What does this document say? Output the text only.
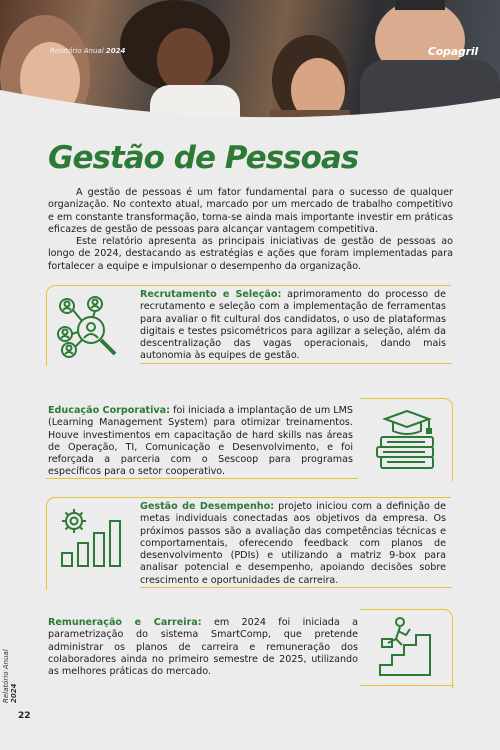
Relatório Anual 2024	Copagril
Gestão de Pessoas

A gestão de pessoas é um fator fundamental para o sucesso de qualquer organização. No contexto atual, marcado por um mercado de trabalho competitivo e em constante transformação, torna-se ainda mais importante investir em práticas eficazes de gestão de pessoas para alcançar vantagem competitiva.

Este relatório apresenta as principais iniciativas de gestão de pessoas ao longo de 2024, destacando as estratégias e ações que foram implementadas para fortalecer a equipe e impulsionar o desempenho da organização.

Recrutamento e Seleção: aprimoramento do processo de recrutamento e seleção com a implementação de ferramentas para avaliar o fit cultural dos candidatos, o uso de plataformas digitais e testes psicométricos para agilizar a seleção, além da descentralização das vagas operacionais, dando mais autonomia às equipes de gestão.
Educação Corporativa: foi iniciada a implantação de um LMS (Learning Management System) para otimizar treinamentos. Houve investimentos em capacitação de hard skills nas áreas de Operação, TI, Comunicação e Desenvolvimento, e foi reforçada a parceria com o Sescoop para programas específicos para o setor cooperativo.
Gestão de Desempenho: projeto iniciou com a definição de metas individuais conectadas aos objetivos da empresa. Os próximos passos são a avaliação das competências técnicas e comportamentais, oferecendo feedback com planos de desenvolvimento (PDIs) e utilizando a matriz 9-box para analisar potencial e desempenho, apoiando decisões sobre crescimento e oportunidades de carreira.
Remuneração e Carreira: em 2024 foi iniciada a parametrização do sistema SmartComp, que pretende administrar os planos de carreira e remuneração dos colaboradores ainda no primeiro semestre de 2025, utilizando as melhores práticas do mercado.
Relatório Anual 2024
22
